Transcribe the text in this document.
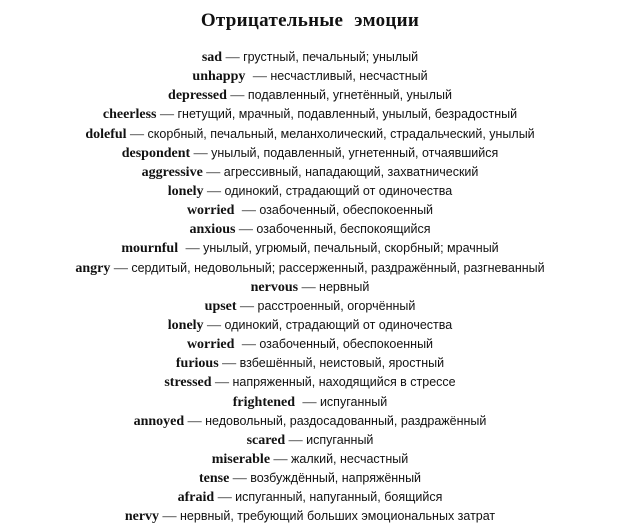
Отрицательные эмоции
sad — грустный, печальный; унылый
unhappy — несчастливый, несчастный
depressed — подавленный, угнетённый, унылый
cheerless — гнетущий, мрачный, подавленный, унылый, безрадостный
doleful — скорбный, печальный, меланхолический, страдальческий, унылый
despondent — унылый, подавленный, угнетенный, отчаявшийся
aggressive — агрессивный, нападающий, захватнический
lonely — одинокий, страдающий от одиночества
worried — озабоченный, обеспокоенный
anxious — озабоченный, беспокоящийся
mournful — унылый, угрюмый, печальный, скорбный; мрачный
angry — сердитый, недовольный; рассерженный, раздражённый, разгневанный
nervous — нервный
upset — расстроенный, огорчённый
lonely — одинокий, страдающий от одиночества
worried — озабоченный, обеспокоенный
furious — взбешённый, неистовый, яростный
stressed — напряженный, находящийся в стрессе
frightened — испуганный
annoyed — недовольный, раздосадованный, раздражённый
scared — испуганный
miserable — жалкий, несчастный
tense — возбуждённый, напряжённый
afraid — испуганный, напуганный, боящийся
nervy — нервный, требующий больших эмоциональных затрат
